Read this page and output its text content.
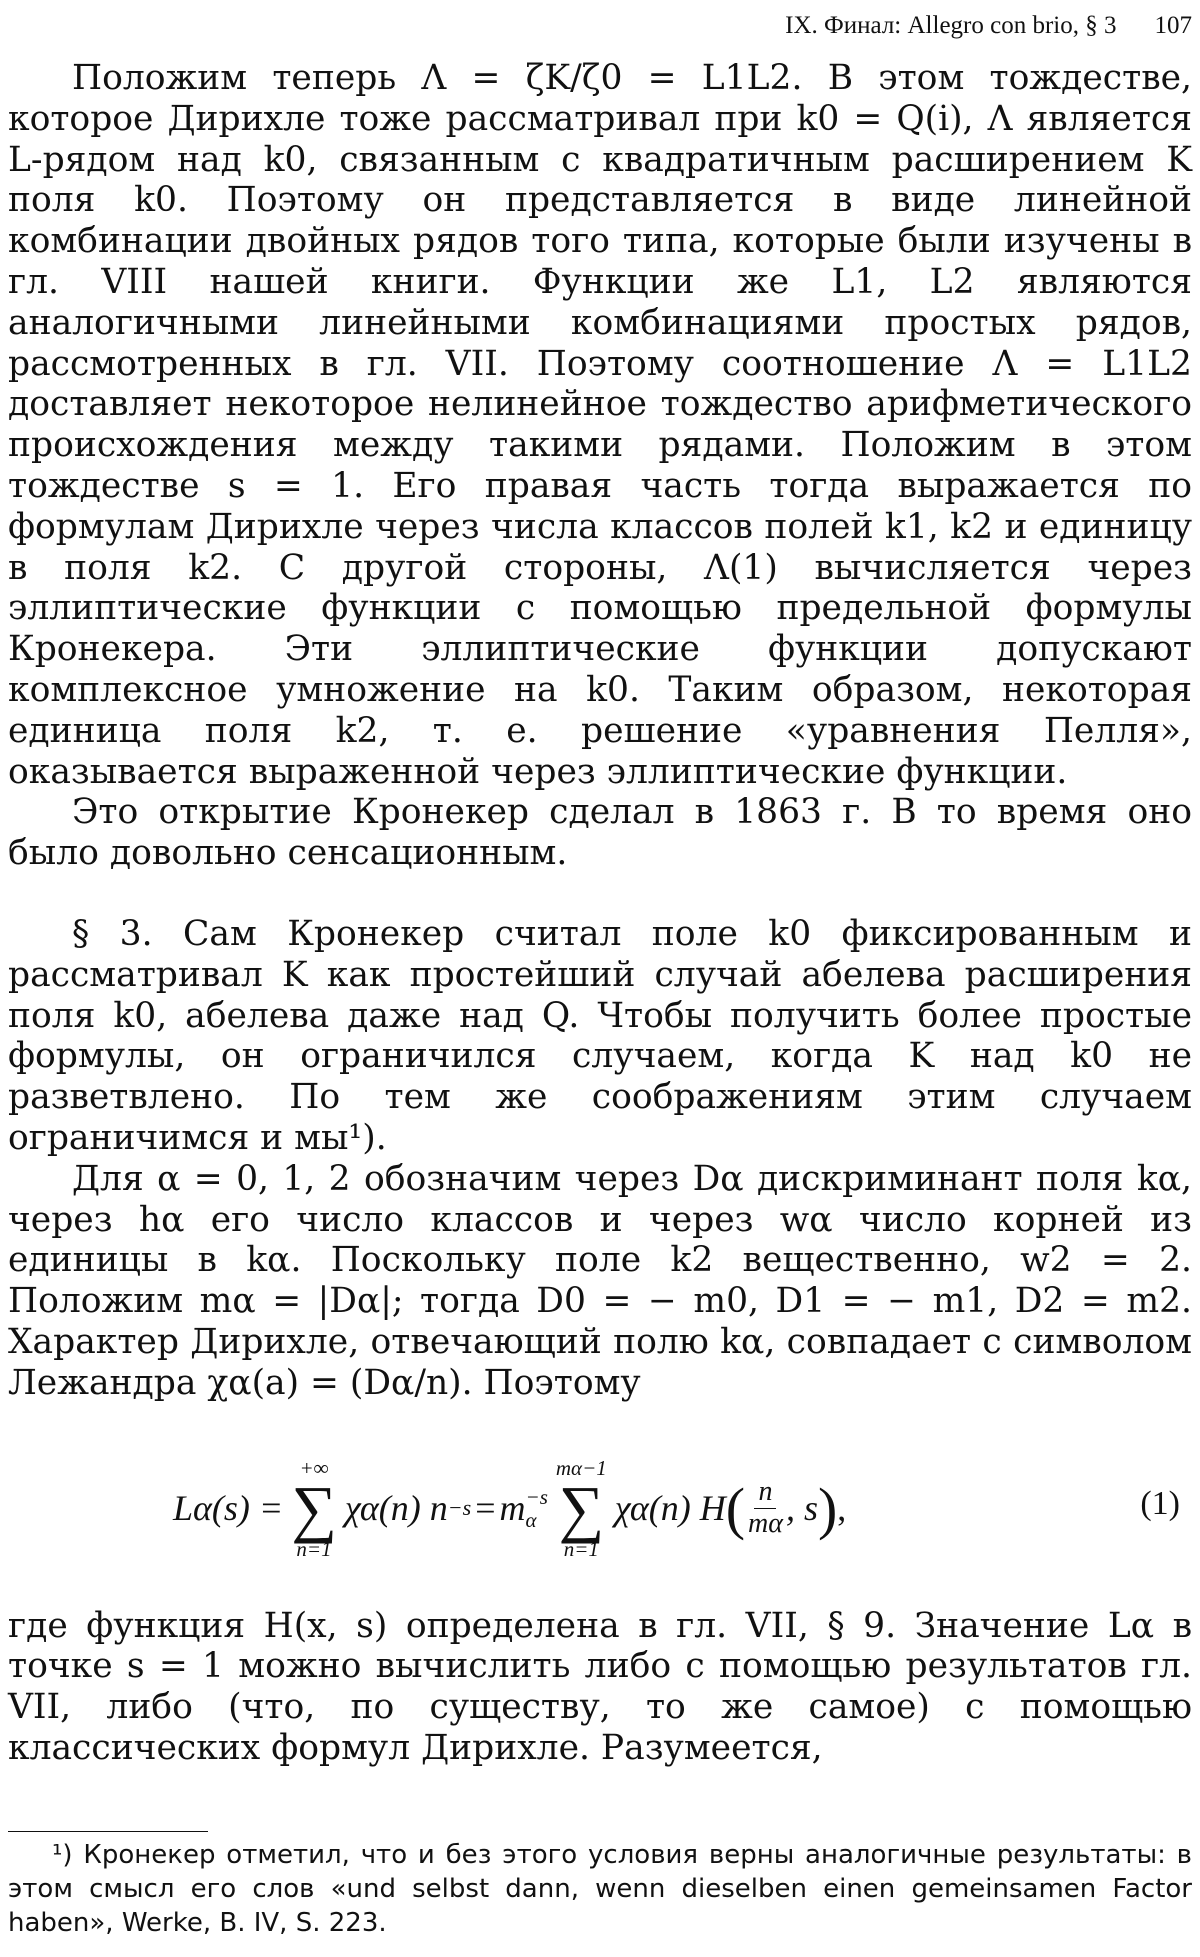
IX. Финал: Allegro con brio, § 3 107

Положим теперь Λ = ζK/ζ0 = L1L2. В этом тождестве, которое Дирихле тоже рассматривал при k0 = Q(i), Λ является L-рядом над k0, связанным с квадратичным расширением K поля k0. Поэтому он представляется в виде линейной комбинации двойных рядов того типа, которые были изучены в гл. VIII нашей книги. Функции же L1, L2 являются аналогичными линейными комбинациями простых рядов, рассмотренных в гл. VII. Поэтому соотношение Λ = L1L2 доставляет некоторое нелинейное тождество арифметического происхождения между такими рядами. Положим в этом тождестве s = 1. Его правая часть тогда выражается по формулам Дирихле через числа классов полей k1, k2 и единицу в поля k2. С другой стороны, Λ(1) вычисляется через эллиптические функции с помощью предельной формулы Кронекера. Эти эллиптические функции допускают комплексное умножение на k0. Таким образом, некоторая единица поля k2, т. е. решение «уравнения Пелля», оказывается выраженной через эллиптические функции.

Это открытие Кронекер сделал в 1863 г. В то время оно было довольно сенсационным.

§ 3. Сам Кронекер считал поле k0 фиксированным и рассматривал K как простейший случай абелева расширения поля k0, абелева даже над Q. Чтобы получить более простые формулы, он ограничился случаем, когда K над k0 не разветвлено. По тем же соображениям этим случаем ограничимся и мы¹).

Для α = 0, 1, 2 обозначим через Dα дискриминант поля kα, через hα его число классов и через wα число корней из единицы в kα. Поскольку поле k2 вещественно, w2 = 2. Положим mα = |Dα|; тогда D0 = − m0, D1 = − m1, D2 = m2. Характер Дирихле, отвечающий полю kα, совпадает с символом Лежандра χα(a) = (Dα/n). Поэтому

Lα(s) =
+∞
∑
n=1
χα(n) n −s = m −s
α
mα−1
∑
n=1
χα(n) H ( $\frac{n}{m\alpha}$ , s ) ,	(1)

где функция H(x, s) определена в гл. VII, § 9. Значение Lα в точке s = 1 можно вычислить либо с помощью результатов гл. VII, либо (что, по существу, то же самое) с помощью классических формул Дирихле. Разумеется,

¹) Кронекер отметил, что и без этого условия верны аналогичные результаты: в этом смысл его слов «und selbst dann, wenn dieselben einen gemeinsamen Factor haben», Werke, B. IV, S. 223.
